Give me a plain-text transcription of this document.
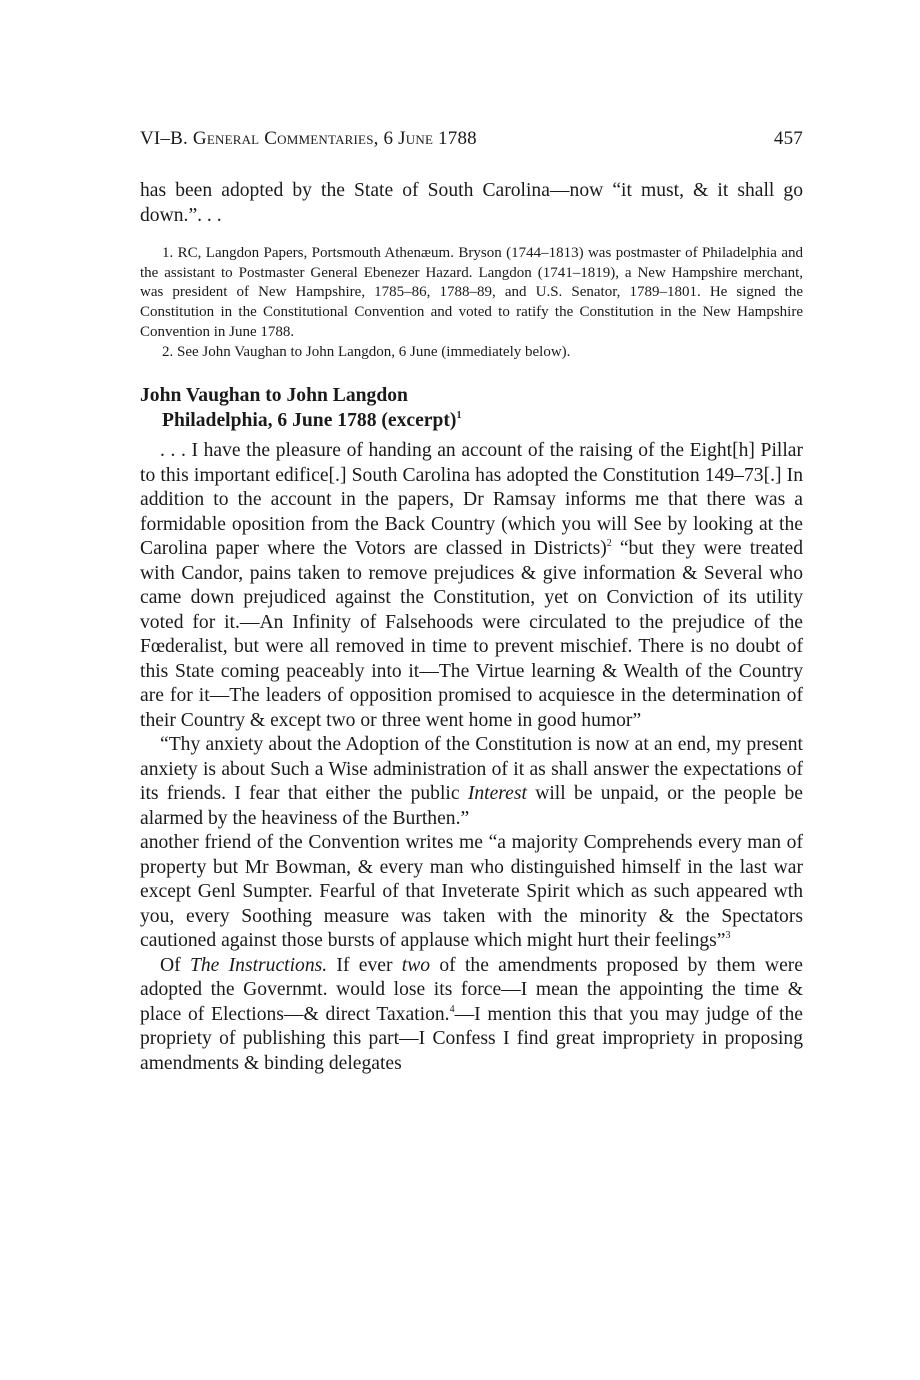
VI–B. General Commentaries, 6 June 1788	457

has been adopted by the State of South Carolina—now “it must, & it shall go down.”. . .

1. RC, Langdon Papers, Portsmouth Athenæum. Bryson (1744–1813) was postmaster of Philadelphia and the assistant to Postmaster General Ebenezer Hazard. Langdon (1741–1819), a New Hampshire merchant, was president of New Hampshire, 1785–86, 1788–89, and U.S. Senator, 1789–1801. He signed the Constitution in the Constitutional Convention and voted to ratify the Constitution in the New Hampshire Convention in June 1788.

2. See John Vaughan to John Langdon, 6 June (immediately below).

John Vaughan to John Langdon
Philadelphia, 6 June 1788 (excerpt)$^1$

. . . I have the pleasure of handing an account of the raising of the Eight[h] Pillar to this important edifice[.] South Carolina has adopted the Constitution 149–73[.] In addition to the account in the papers, Dr Ramsay informs me that there was a formidable oposition from the Back Country (which you will See by looking at the Carolina paper where the Votors are classed in Districts)$^2$ “but they were treated with Candor, pains taken to remove prejudices & give information & Several who came down prejudiced against the Constitution, yet on Conviction of its utility voted for it.—An Infinity of Falsehoods were circulated to the prejudice of the Fœderalist, but were all removed in time to prevent mischief. There is no doubt of this State coming peaceably into it—The Virtue learning & Wealth of the Country are for it—The leaders of opposition promised to acquiesce in the determination of their Country & except two or three went home in good humor”

“Thy anxiety about the Adoption of the Constitution is now at an end, my present anxiety is about Such a Wise administration of it as shall answer the expectations of its friends. I fear that either the public Interest will be unpaid, or the people be alarmed by the heaviness of the Burthen.”

another friend of the Convention writes me “a majority Comprehends every man of property but Mr Bowman, & every man who distinguished himself in the last war except Genl Sumpter. Fearful of that Inveterate Spirit which as such appeared wth you, every Soothing measure was taken with the minority & the Spectators cautioned against those bursts of applause which might hurt their feelings”$^3$

Of The Instructions. If ever two of the amendments proposed by them were adopted the Governmt. would lose its force—I mean the appointing the time & place of Elections—& direct Taxation.$^4$—I mention this that you may judge of the propriety of publishing this part—I Confess I find great impropriety in proposing amendments & binding delegates
